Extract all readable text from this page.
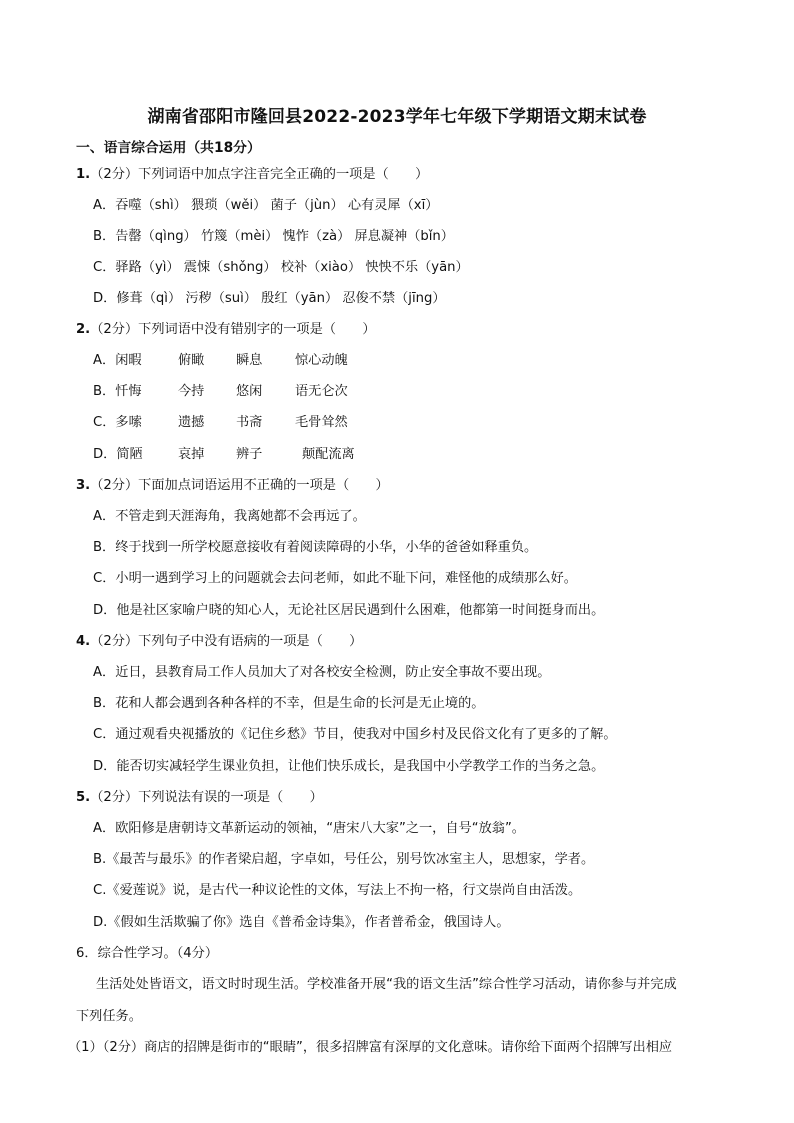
湖南省邵阳市隆回县2022-2023学年七年级下学期语文期末试卷
一、语言综合运用（共18分）
1.（2分）下列词语中加点字注音完全正确的一项是（　　）
A．吞噬（shì） 猥琐（wěi） 菌子（jùn） 心有灵犀（xī）
B．告罄（qìng） 竹篾（mèi） 愧怍（zà） 屏息凝神（bǐn）
C．驿路（yì） 震悚（shǒng） 校补（xiào） 怏怏不乐（yān）
D．修葺（qì） 污秽（suì） 殷红（yān） 忍俊不禁（jīng）
2.（2分）下列词语中没有错别字的一项是（　　）
A．闲暇	俯瞰 瞬息 惊心动魄
B．忏悔	今持 悠闲 语无仑次
C．多嗦	遗撼 书斋 毛骨耸然
D．简陋	哀掉 辨子	颠配流离
3.（2分）下面加点词语运用不正确的一项是（　　）
A．不管走到天涯海角，我离她都不会再远了。
B．终于找到一所学校愿意接收有着阅读障碍的小华，小华的爸爸如释重负。
C．小明一遇到学习上的问题就会去问老师，如此不耻下问，难怪他的成绩那么好。
D．他是社区家喻户晓的知心人，无论社区居民遇到什么困难，他都第一时间挺身而出。
4.（2分）下列句子中没有语病的一项是（　　）
A．近日，县教育局工作人员加大了对各校安全检测，防止安全事故不要出现。
B．花和人都会遇到各种各样的不幸，但是生命的长河是无止境的。
C．通过观看央视播放的《记住乡愁》节目，使我对中国乡村及民俗文化有了更多的了解。
D．能否切实减轻学生课业负担，让他们快乐成长，是我国中小学教学工作的当务之急。
5.（2分）下列说法有误的一项是（　　）
A．欧阳修是唐朝诗文革新运动的领袖，“唐宋八大家”之一，自号“放翁”。
B.《最苦与最乐》的作者梁启超，字卓如，号任公，别号饮冰室主人，思想家，学者。
C.《爱莲说》说，是古代一种议论性的文体，写法上不拘一格，行文崇尚自由活泼。
D.《假如生活欺骗了你》选自《普希金诗集》，作者普希金，俄国诗人。
6．综合性学习。（4分）
生活处处皆语文，语文时时现生活。学校准备开展“我的语文生活”综合性学习活动，请你参与并完成
下列任务。
（1）（2分）商店的招牌是街市的“眼睛”，很多招牌富有深厚的文化意味。请你给下面两个招牌写出相应
